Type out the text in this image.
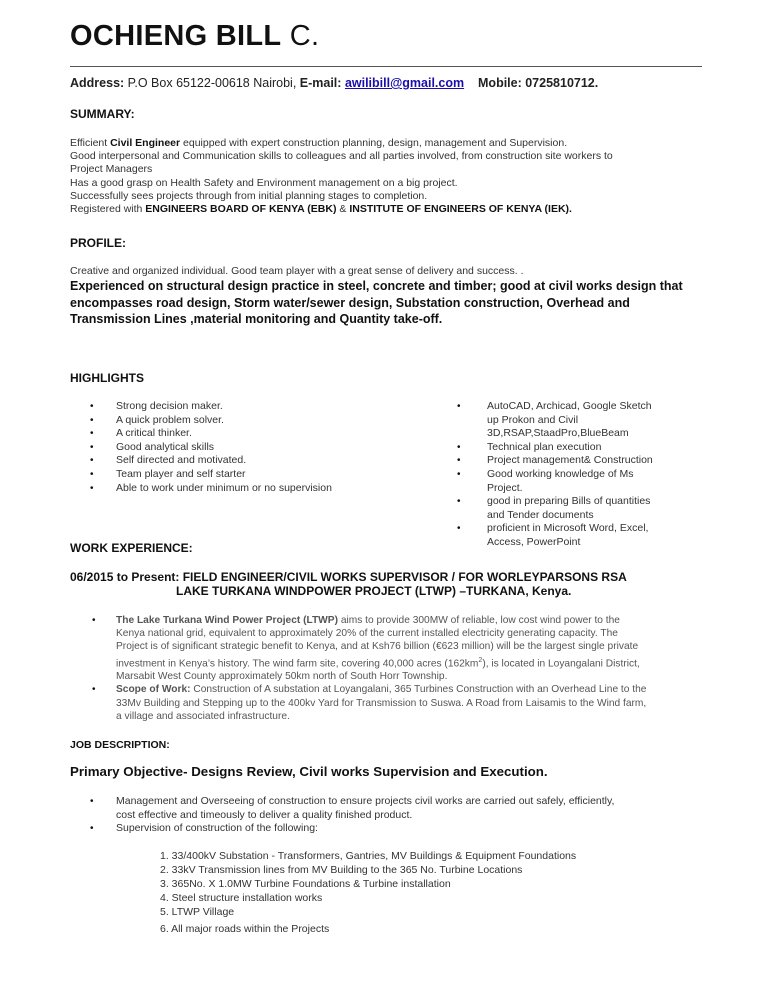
OCHIENG BILL C.
Address: P.O Box 65122-00618 Nairobi, E-mail: awilibill@gmail.com Mobile: 0725810712.
SUMMARY:
Efficient Civil Engineer equipped with expert construction planning, design, management and Supervision.
Good interpersonal and Communication skills to colleagues and all parties involved, from construction site workers to
Project Managers
Has a good grasp on Health Safety and Environment management on a big project.
Successfully sees projects through from initial planning stages to completion.
Registered with ENGINEERS BOARD OF KENYA (EBK) & INSTITUTE OF ENGINEERS OF KENYA (IEK).
PROFILE:
Creative and organized individual. Good team player with a great sense of delivery and success. .
Experienced on structural design practice in steel, concrete and timber; good at civil works design that
encompasses road design, Storm water/sewer design, Substation construction, Overhead and
Transmission Lines ,material monitoring and Quantity take-off.
HIGHLIGHTS
• Strong decision maker.
• A quick problem solver.
• A critical thinker.
• Good analytical skills
• Self directed and motivated.
• Team player and self starter
• Able to work under minimum or no supervision
• AutoCAD, Archicad, Google Sketch
up Prokon and Civil
3D,RSAP,StaadPro,BlueBeam
• Technical plan execution
• Project management& Construction
• Good working knowledge of Ms
Project.
• good in preparing Bills of quantities
and Tender documents
• proficient in Microsoft Word, Excel,
Access, PowerPoint
WORK EXPERIENCE:
06/2015 to Present: FIELD ENGINEER/CIVIL WORKS SUPERVISOR / FOR WORLEYPARSONS RSA
LAKE TURKANA WINDPOWER PROJECT (LTWP) –TURKANA, Kenya.
• The Lake Turkana Wind Power Project (LTWP) aims to provide 300MW of reliable, low cost wind power to the
Kenya national grid, equivalent to approximately 20% of the current installed electricity generating capacity. The
Project is of significant strategic benefit to Kenya, and at Ksh76 billion (€623 million) will be the largest single private
investment in Kenya’s history. The wind farm site, covering 40,000 acres $(162km^2)$, is located in Loyangalani District,
Marsabit West County approximately 50km north of South Horr Township.
• Scope of Work: Construction of A substation at Loyangalani, 365 Turbines Construction with an Overhead Line to the
33Mv Building and Stepping up to the 400kv Yard for Transmission to Suswa. A Road from Laisamis to the Wind farm,
a village and associated infrastructure.
JOB DESCRIPTION:
Primary Objective- Designs Review, Civil works Supervision and Execution.
• Management and Overseeing of construction to ensure projects civil works are carried out safely, efficiently,
cost effective and timeously to deliver a quality finished product.
• Supervision of construction of the following:
1. 33/400kV Substation - Transformers, Gantries, MV Buildings & Equipment Foundations
2. 33kV Transmission lines from MV Building to the 365 No. Turbine Locations
3. 365No. X 1.0MW Turbine Foundations & Turbine installation
4. Steel structure installation works
5. LTWP Village
6. All major roads within the Projects
